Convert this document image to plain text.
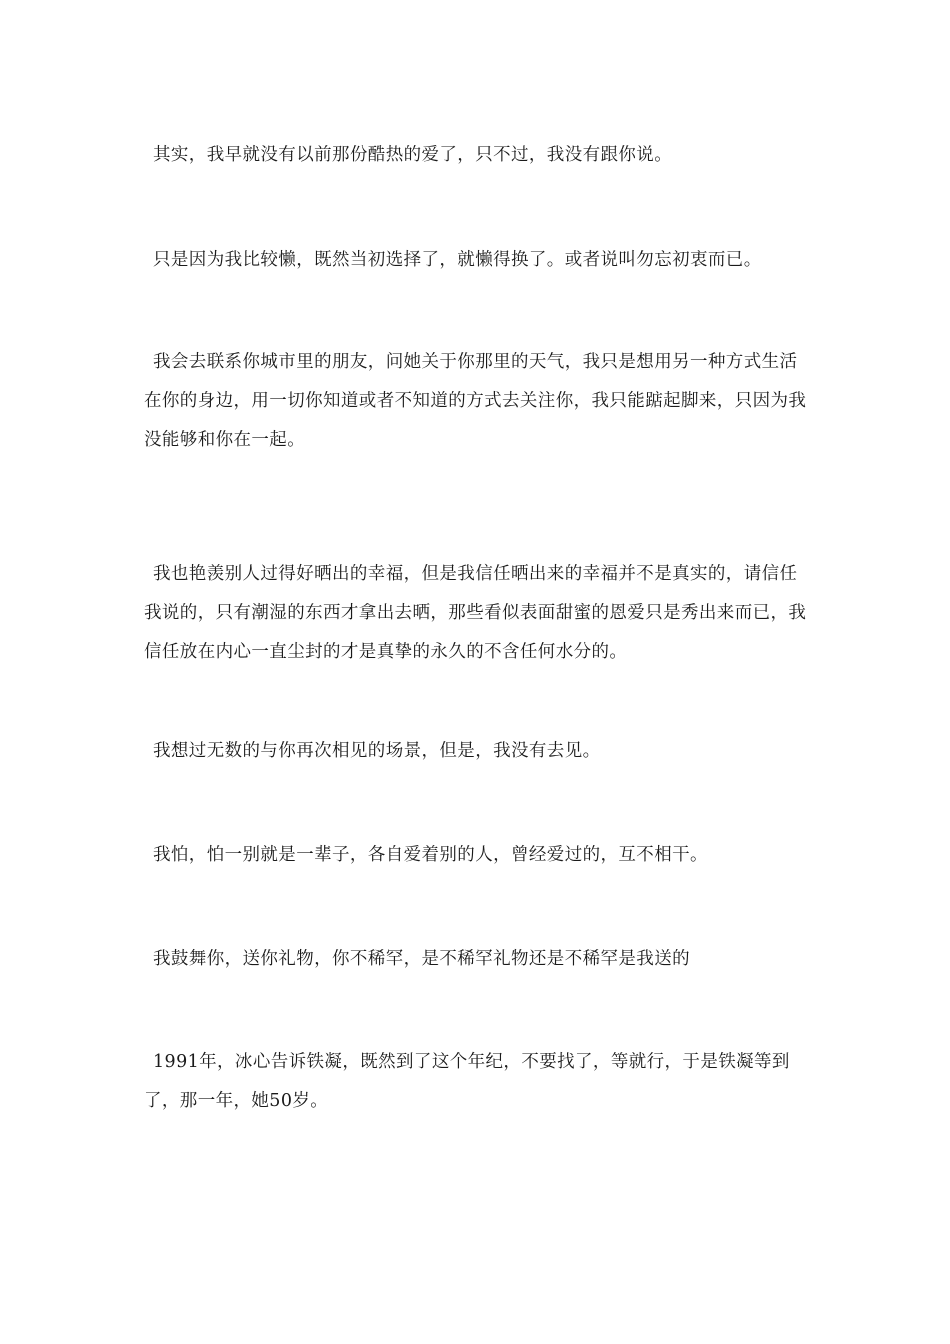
其实，我早就没有以前那份酷热的爱了，只不过，我没有跟你说。

只是因为我比较懒，既然当初选择了，就懒得换了。或者说叫勿忘初衷而已。

我会去联系你城市里的朋友，问她关于你那里的天气，我只是想用另一种方式生活在你的身边，用一切你知道或者不知道的方式去关注你，我只能踮起脚来，只因为我没能够和你在一起。

我也艳羡别人过得好晒出的幸福，但是我信任晒出来的幸福并不是真实的，请信任我说的，只有潮湿的东西才拿出去晒，那些看似表面甜蜜的恩爱只是秀出来而已，我信任放在内心一直尘封的才是真挚的永久的不含任何水分的。

我想过无数的与你再次相见的场景，但是，我没有去见。

我怕，怕一别就是一辈子，各自爱着别的人，曾经爱过的，互不相干。

我鼓舞你，送你礼物，你不稀罕，是不稀罕礼物还是不稀罕是我送的

1991年，冰心告诉铁凝，既然到了这个年纪，不要找了，等就行，于是铁凝等到了，那一年，她50岁。
